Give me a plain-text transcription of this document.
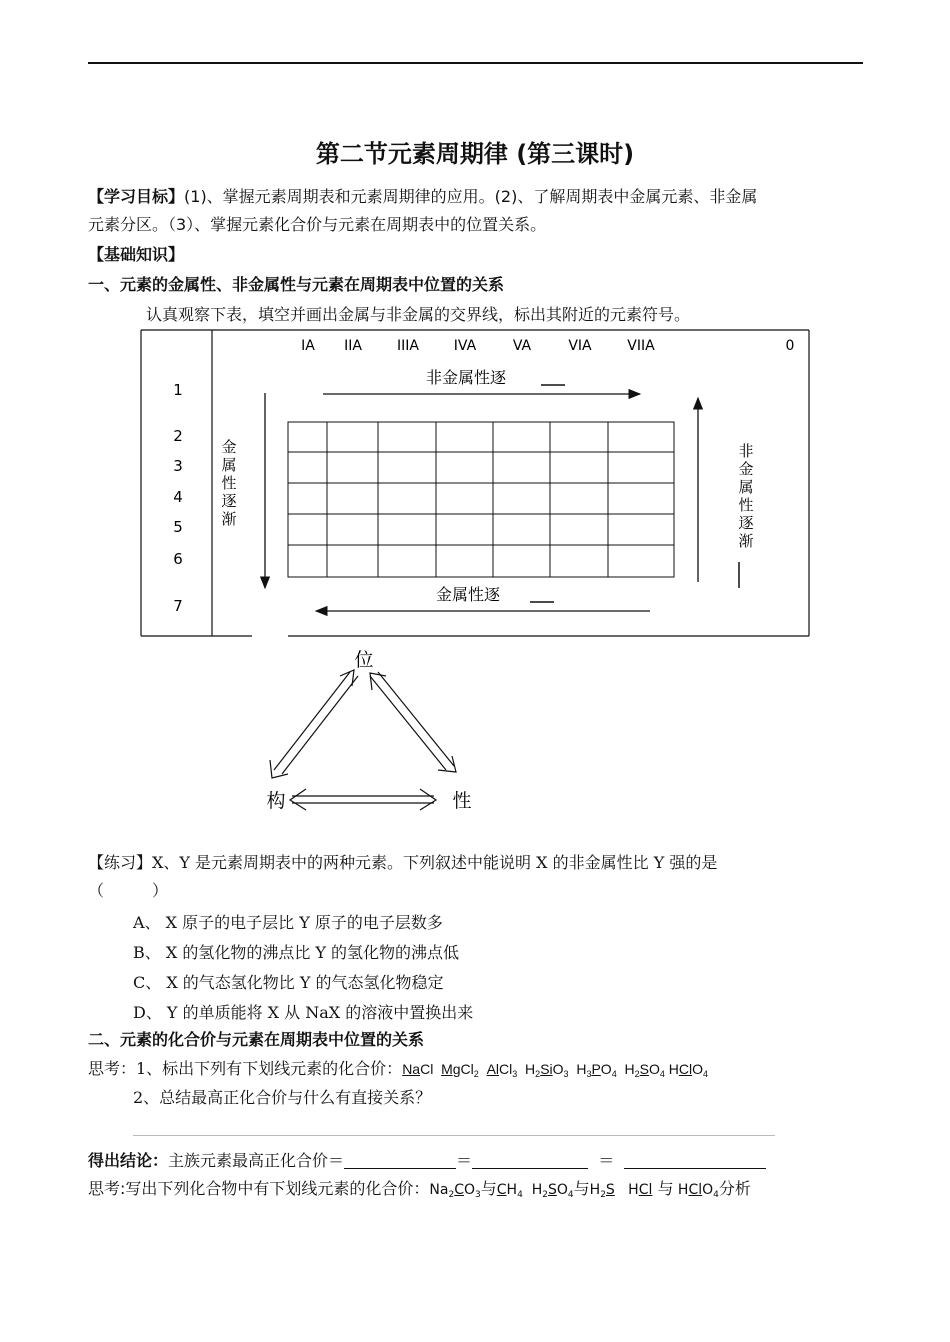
第二节元素周期律 (第三课时)
【学习目标】(1)、掌握元素周期表和元素周期律的应用。(2)、了解周期表中金属元素、非金属
元素分区。（3）、掌握元素化合价与元素在周期表中的位置关系。
【基础知识】
一、元素的金属性、非金属性与元素在周期表中位置的关系
认真观察下表，填空并画出金属与非金属的交界线，标出其附近的元素符号。
IA IIA	IIIA IVA	VA	VIA	VIIA	0
1
2
3
4
5
6
7
非金属性逐
金
属
性
逐
渐
非
金
属
性
逐
渐
金属性逐
位
构	性
【练习】X、Y 是元素周期表中的两种元素。下列叙述中能说明 X 的非金属性比 Y 强的是
（　　　）
A、 X 原子的电子层比 Y 原子的电子层数多
B、 X 的氢化物的沸点比 Y 的氢化物的沸点低
C、 X 的气态氢化物比 Y 的气态氢化物稳定
D、 Y 的单质能将 X 从 NaX 的溶液中置换出来
二、元素的化合价与元素在周期表中位置的关系
思考：1、标出下列有下划线元素的化合价：NaCl  MgCl$_2$ AlCl$_3$  $H_2SiO_3$  $H_3PO_4$  $H_2SO_4$ HClO$_4$
2、总结最高正化合价与什么有直接关系？
得出结论：主族元素最高正化合价＝	＝	＝
思考:写出下列化合物中有下划线元素的化合价：$Na_2CO_3$与$CH_4$  $H_2SO_4$与$H_2S$   HCl 与 HClO$_4$分析
